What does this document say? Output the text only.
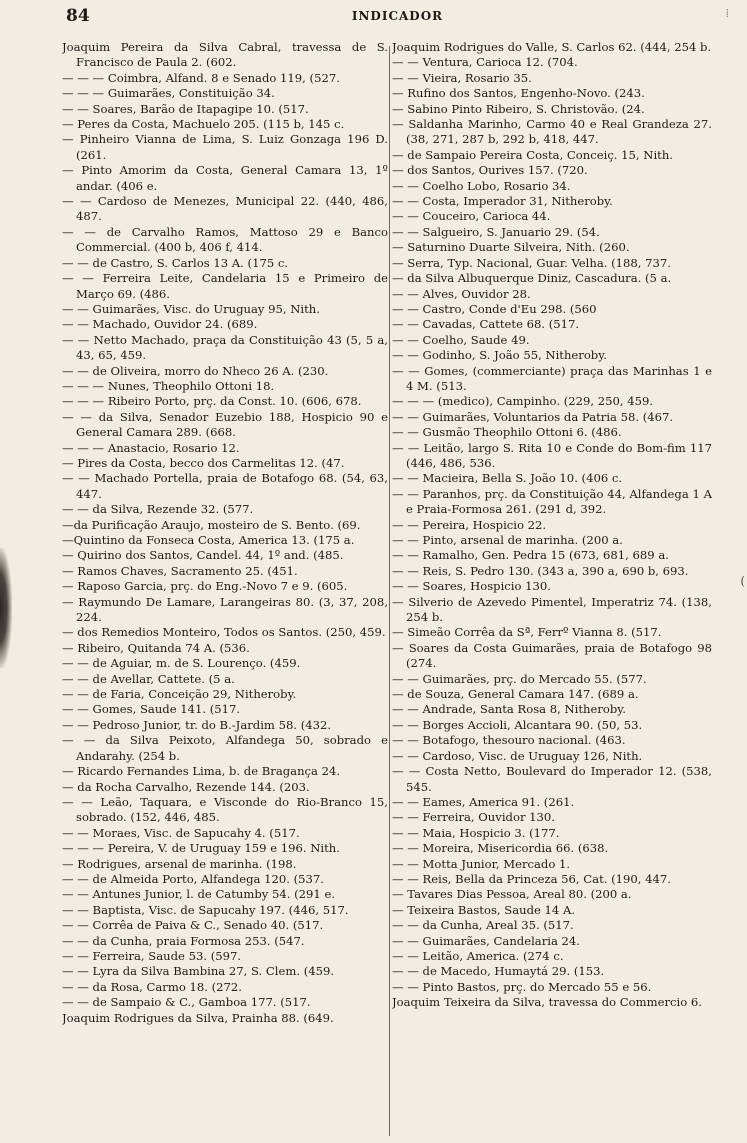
84	INDICADOR	⁞
(

Joaquim Pereira da Silva Cabral, travessa de S. Francisco de Paula 2. (602.

— — — Coimbra, Alfand. 8 e Senado 119, (527.

— — — Guimarães, Constituição 34.

— — Soares, Barão de Itapagipe 10. (517.

— Peres da Costa, Machuelo 205. (115 b, 145 c.

— Pinheiro Vianna de Lima, S. Luiz Gonzaga 196 D. (261.

— Pinto Amorim da Costa, General Camara 13, 1º andar. (406 e.

— — Cardoso de Menezes, Municipal 22. (440, 486, 487.

— — de Carvalho Ramos, Mattoso 29 e Banco Commercial. (400 b, 406 f, 414.

— — de Castro, S. Carlos 13 A. (175 c.

— — Ferreira Leite, Candelaria 15 e Primeiro de Março 69. (486.

— — Guimarães, Visc. do Uruguay 95, Nith.

— — Machado, Ouvidor 24. (689.

— — Netto Machado, praça da Constituição 43 (5, 5 a, 43, 65, 459.

— — de Oliveira, morro do Nheco 26 A. (230.

— — — Nunes, Theophilo Ottoni 18.

— — — Ribeiro Porto, prç. da Const. 10. (606, 678.

— — da Silva, Senador Euzebio 188, Hospicio 90 e General Camara 289. (668.

— — — Anastacio, Rosario 12.

— Pires da Costa, becco dos Carmelitas 12. (47.

— — Machado Portella, praia de Botafogo 68. (54, 63, 447.

— — da Silva, Rezende 32. (577.

—da Purificação Araujo, mosteiro de S. Bento. (69.

—Quintino da Fonseca Costa, America 13. (175 a.

— Quirino dos Santos, Candel. 44, 1º and. (485.

— Ramos Chaves, Sacramento 25. (451.

— Raposo Garcia, prç. do Eng.-Novo 7 e 9. (605.

— Raymundo De Lamare, Larangeiras 80. (3, 37, 208, 224.

— dos Remedios Monteiro, Todos os Santos. (250, 459.

— Ribeiro, Quitanda 74 A. (536.

— — de Aguiar, m. de S. Lourenço. (459.

— — de Avellar, Cattete. (5 a.

— — de Faria, Conceição 29, Nitheroby.

— — Gomes, Saude 141. (517.

— — Pedroso Junior, tr. do B.-Jardim 58. (432.

— — da Silva Peixoto, Alfandega 50, sobrado e Andarahy. (254 b.

— Ricardo Fernandes Lima, b. de Bragança 24.

— da Rocha Carvalho, Rezende 144. (203.

— — Leão, Taquara, e Visconde do Rio-Branco 15, sobrado. (152, 446, 485.

— — Moraes, Visc. de Sapucahy 4. (517.

— — — Pereira, V. de Uruguay 159 e 196. Nith.

— Rodrigues, arsenal de marinha. (198.

— — de Almeida Porto, Alfandega 120. (537.

— — Antunes Junior, l. de Catumby 54. (291 e.

— — Baptista, Visc. de Sapucahy 197. (446, 517.

— — Corrêa de Paiva & C., Senado 40. (517.

— — da Cunha, praia Formosa 253. (547.

— — Ferreira, Saude 53. (597.

— — Lyra da Silva Bambina 27, S. Clem. (459.

— — da Rosa, Carmo 18. (272.

— — de Sampaio & C., Gamboa 177. (517.

Joaquim Rodrigues da Silva, Prainha 88. (649.

Joaquim Rodrigues do Valle, S. Carlos 62. (444, 254 b.

— — Ventura, Carioca 12. (704.

— — Vieira, Rosario 35.

— Rufino dos Santos, Engenho-Novo. (243.

— Sabino Pinto Ribeiro, S. Christovão. (24.

— Saldanha Marinho, Carmo 40 e Real Grandeza 27. (38, 271, 287 b, 292 b, 418, 447.

— de Sampaio Pereira Costa, Conceiç. 15, Nith.

— dos Santos, Ourives 157. (720.

— — Coelho Lobo, Rosario 34.

— — Costa, Imperador 31, Nitheroby.

— — Couceiro, Carioca 44.

— — Salgueiro, S. Januario 29. (54.

— Saturnino Duarte Silveira, Nith. (260.

— Serra, Typ. Nacional, Guar. Velha. (188, 737.

— da Silva Albuquerque Diniz, Cascadura. (5 a.

— — Alves, Ouvidor 28.

— — Castro, Conde d'Eu 298. (560

— — Cavadas, Cattete 68. (517.

— — Coelho, Saude 49.

— — Godinho, S. João 55, Nitheroby.

— — Gomes, (commerciante) praça das Marinhas 1 e 4 M. (513.

— — — (medico), Campinho. (229, 250, 459.

— — Guimarães, Voluntarios da Patria 58. (467.

— — Gusmão Theophilo Ottoni 6. (486.

— — Leitão, largo S. Rita 10 e Conde do Bom-fim 117 (446, 486, 536.

— — Macieira, Bella S. João 10. (406 c.

— — Paranhos, prç. da Constituição 44, Alfandega 1 A e Praia-Formosa 261. (291 d, 392.

— — Pereira, Hospicio 22.

— — Pinto, arsenal de marinha. (200 a.

— — Ramalho, Gen. Pedra 15 (673, 681, 689 a.

— — Reis, S. Pedro 130. (343 a, 390 a, 690 b, 693.

— — Soares, Hospicio 130.

— Silverio de Azevedo Pimentel, Imperatriz 74. (138, 254 b.

— Simeão Corrêa da Sª, Ferrº Vianna 8. (517.

— Soares da Costa Guimarães, praia de Botafogo 98 (274.

— — Guimarães, prç. do Mercado 55. (577.

— de Souza, General Camara 147. (689 a.

— — Andrade, Santa Rosa 8, Nitheroby.

— — Borges Accioli, Alcantara 90. (50, 53.

— — Botafogo, thesouro nacional. (463.

— — Cardoso, Visc. de Uruguay 126, Nith.

— — Costa Netto, Boulevard do Imperador 12. (538, 545.

— — Eames, America 91. (261.

— — Ferreira, Ouvidor 130.

— — Maia, Hospicio 3. (177.

— — Moreira, Misericordia 66. (638.

— — Motta Junior, Mercado 1.

— — Reis, Bella da Princeza 56, Cat. (190, 447.

— Tavares Dias Pessoa, Areal 80. (200 a.

— Teixeira Bastos, Saude 14 A.

— — da Cunha, Areal 35. (517.

— — Guimarães, Candelaria 24.

— — Leitão, America. (274 c.

— — de Macedo, Humaytá 29. (153.

— — Pinto Bastos, prç. do Mercado 55 e 56.

Joaquim Teixeira da Silva, travessa do Commercio 6.
